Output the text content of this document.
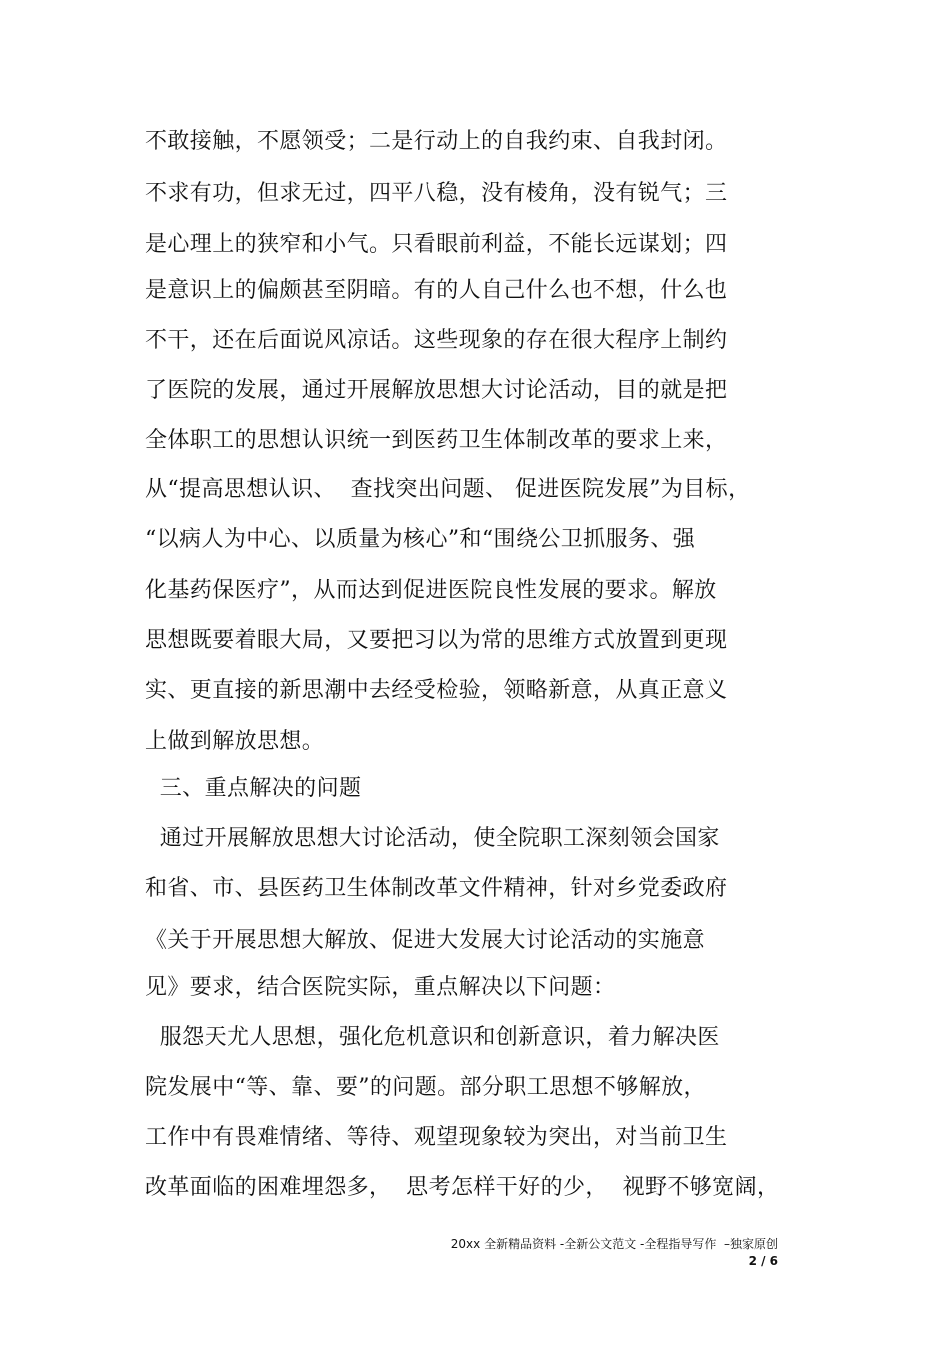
不敢接触，不愿领受；二是行动上的自我约束、自我封闭。
不求有功，但求无过，四平八稳，没有棱角，没有锐气；三
是心理上的狭窄和小气。只看眼前利益，不能长远谋划；四
是意识上的偏颇甚至阴暗。有的人自己什么也不想，什么也
不干，还在后面说风凉话。这些现象的存在很大程序上制约
了医院的发展，通过开展解放思想大讨论活动，目的就是把
全体职工的思想认识统一到医药卫生体制改革的要求上来，
从“提高思想认识、  查找突出问题、 促进医院发展”为目标，
“以病人为中心、以质量为核心”和“围绕公卫抓服务、强
化基药保医疗”，从而达到促进医院良性发展的要求。解放
思想既要着眼大局，又要把习以为常的思维方式放置到更现
实、更直接的新思潮中去经受检验，领略新意，从真正意义
上做到解放思想。
三、重点解决的问题
通过开展解放思想大讨论活动，使全院职工深刻领会国家
和省、市、县医药卫生体制改革文件精神，针对乡党委政府
《关于开展思想大解放、促进大发展大讨论活动的实施意
见》要求，结合医院实际，重点解决以下问题：
服怨天尤人思想，强化危机意识和创新意识，着力解决医
院发展中“等、靠、要”的问题。部分职工思想不够解放，
工作中有畏难情绪、等待、观望现象较为突出，对当前卫生
改革面临的困难埋怨多，  思考怎样干好的少，  视野不够宽阔，
20xx 全新精品资料 -全新公文范文 -全程指导写作  –独家原创
2 / 6
